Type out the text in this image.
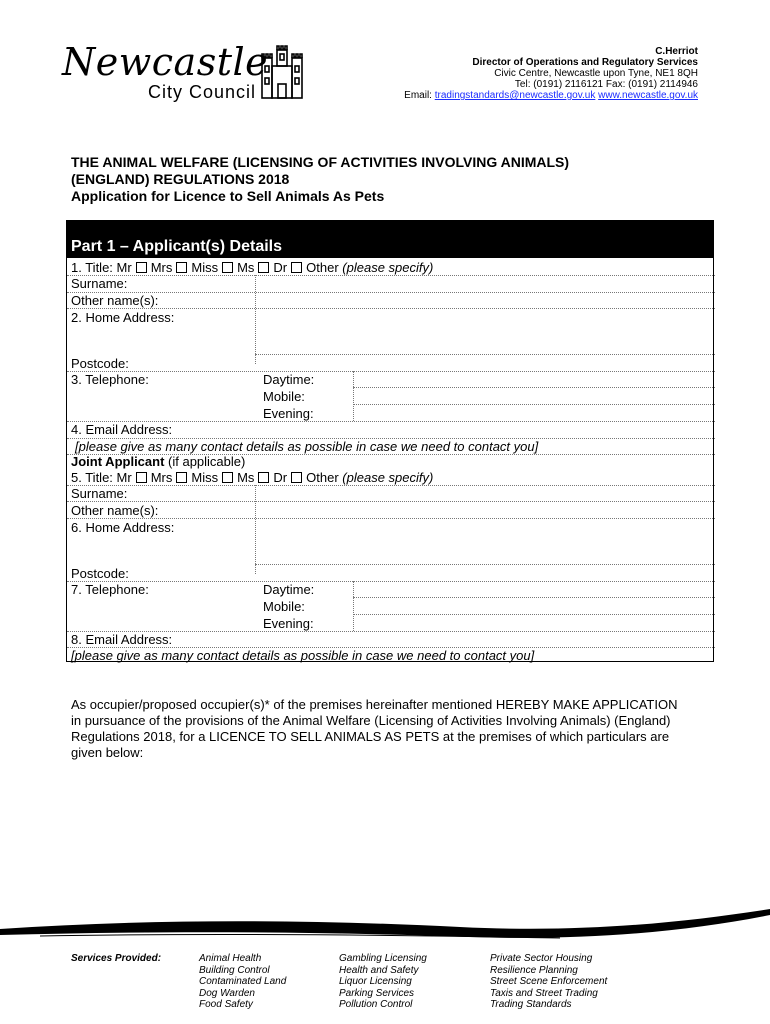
Newcastle
City Council
C.Herriot
Director of Operations and Regulatory Services
Civic Centre, Newcastle upon Tyne, NE1 8QH
Tel: (0191) 2116121 Fax: (0191) 2114946
Email: tradingstandards@newcastle.gov.uk www.newcastle.gov.uk
THE ANIMAL WELFARE (LICENSING OF ACTIVITIES INVOLVING ANIMALS)
(ENGLAND) REGULATIONS 2018
Application for Licence to Sell Animals As Pets
Part 1 – Applicant(s) Details
1. Title: Mr Mrs Miss Ms Dr Other (please specify)
Surname:
Other name(s):
2. Home Address:
Postcode:
3. Telephone:	Daytime:
Mobile:
Evening:
4. Email Address:
[please give as many contact details as possible in case we need to contact you]
Joint Applicant (if applicable)
5. Title: Mr Mrs Miss Ms Dr Other (please specify)
Surname:
Other name(s):
6. Home Address:
Postcode:
7. Telephone:	Daytime:
Mobile:
Evening:
8. Email Address:
[please give as many contact details as possible in case we need to contact you]
As occupier/proposed occupier(s)* of the premises hereinafter mentioned HEREBY MAKE APPLICATION in pursuance of the provisions of the Animal Welfare (Licensing of Activities Involving Animals) (England) Regulations 2018, for a LICENCE TO SELL ANIMALS AS PETS at the premises of which particulars are given below:
Services Provided:	Animal Health
Building Control
Contaminated Land
Dog Warden
Food Safety
Gambling Licensing
Health and Safety
Liquor Licensing
Parking Services
Pollution Control
Private Sector Housing
Resilience Planning
Street Scene Enforcement
Taxis and Street Trading
Trading Standards
